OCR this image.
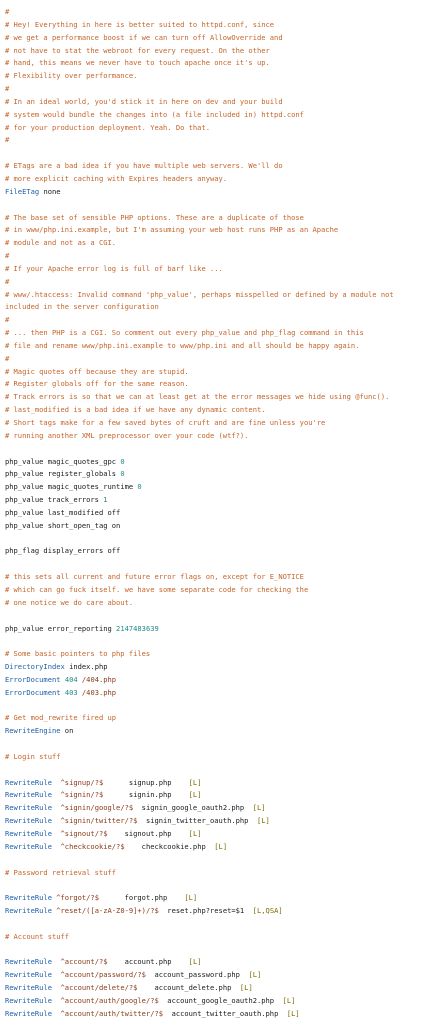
#
# Hey! Everything in here is better suited to httpd.conf, since
# we get a performance boost if we can turn off AllowOverride and
# not have to stat the webroot for every request. On the other
# hand, this means we never have to touch apache once it's up.
# Flexibility over performance.
#
# In an ideal world, you'd stick it in here on dev and your build
# system would bundle the changes into (a file included in) httpd.conf
# for your production deployment. Yeah. Do that.
#
# ETags are a bad idea if you have multiple web servers. We'll do
# more explicit caching with Expires headers anyway.
FileETag none
# The base set of sensible PHP options. These are a duplicate of those
# in www/php.ini.example, but I'm assuming your web host runs PHP as an Apache
# module and not as a CGI.
#
# If your Apache error log is full of barf like ...
#
# www/.htaccess: Invalid command 'php_value', perhaps misspelled or defined by a module not
included in the server configuration
#
# ... then PHP is a CGI. So comment out every php_value and php_flag command in this
# file and rename www/php.ini.example to www/php.ini and all should be happy again.
#
# Magic quotes off because they are stupid.
# Register globals off for the same reason.
# Track errors is so that we can at least get at the error messages we hide using @func().
# last_modified is a bad idea if we have any dynamic content.
# Short tags make for a few saved bytes of cruft and are fine unless you're
# running another XML preprocessor over your code (wtf?).
php_value magic_quotes_gpc 0
php_value register_globals 0
php_value magic_quotes_runtime 0
php_value track_errors 1
php_value last_modified off
php_value short_open_tag on
php_flag display_errors off
# this sets all current and future error flags on, except for E_NOTICE
# which can go fuck itself. we have some separate code for checking the
# one notice we do care about.
php_value error_reporting 2147483639
# Some basic pointers to php files
DirectoryIndex index.php
ErrorDocument 404 /404.php
ErrorDocument 403 /403.php
# Get mod_rewrite fired up
RewriteEngine on
# Login stuff
RewriteRule  ^signup/?$      signup.php    [L]
RewriteRule  ^signin/?$      signin.php    [L]
RewriteRule  ^signin/google/?$  signin_google_oauth2.php  [L]
RewriteRule  ^signin/twitter/?$  signin_twitter_oauth.php  [L]
RewriteRule  ^signout/?$    signout.php    [L]
RewriteRule  ^checkcookie/?$    checkcookie.php  [L]
# Password retrieval stuff
RewriteRule ^forgot/?$      forgot.php    [L]
RewriteRule ^reset/([a-zA-Z0-9]+)/?$  reset.php?reset=$1  [L,QSA]
# Account stuff
RewriteRule  ^account/?$    account.php    [L]
RewriteRule  ^account/password/?$  account_password.php  [L]
RewriteRule  ^account/delete/?$    account_delete.php  [L]
RewriteRule  ^account/auth/google/?$  account_google_oauth2.php  [L]
RewriteRule  ^account/auth/twitter/?$  account_twitter_oauth.php  [L]
